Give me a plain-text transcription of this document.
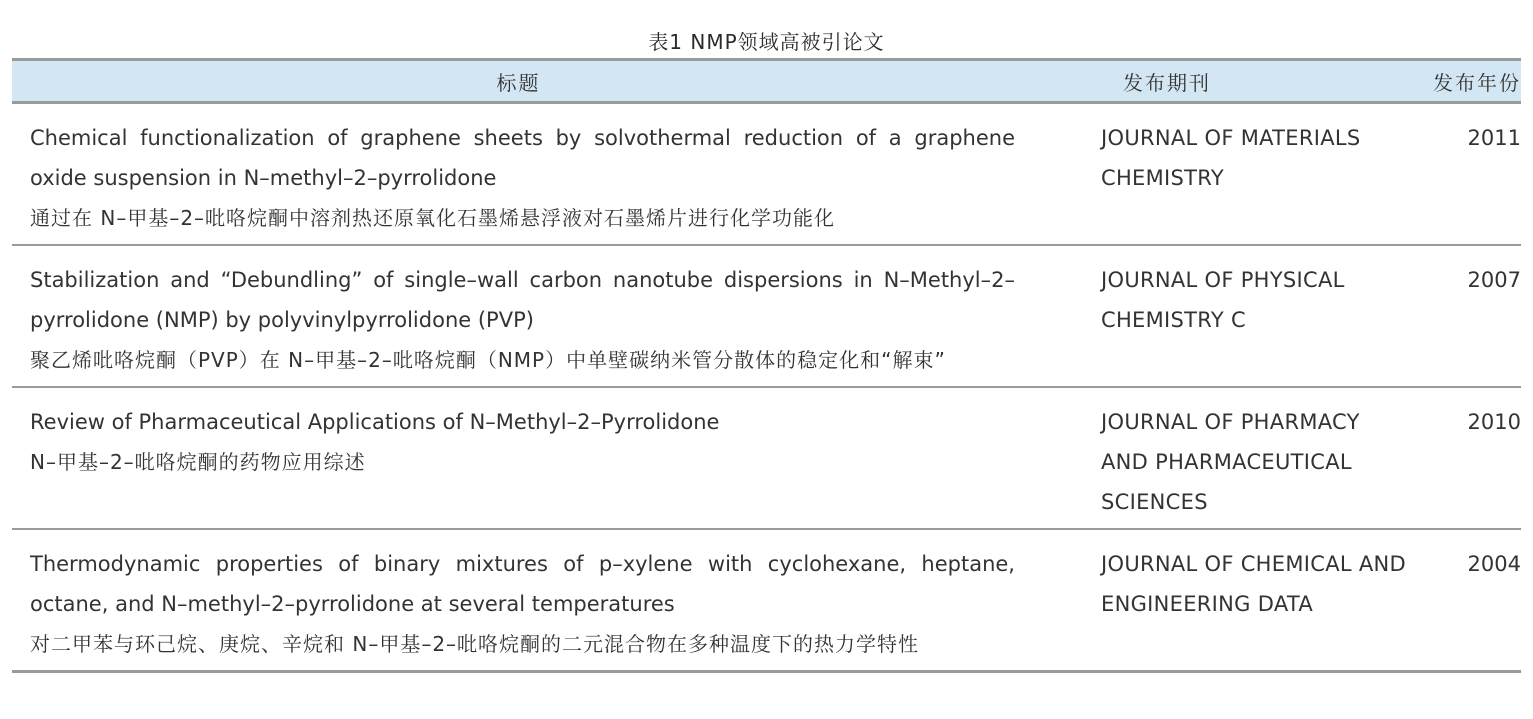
表1 NMP领域高被引论文
标题	发布期刊	发布年份

Chemical functionalization of graphene sheets by solvothermal reduction of a graphene oxide suspension in N–methyl–2–pyrrolidone
通过在 N–甲基–2–吡咯烷酮中溶剂热还原氧化石墨烯悬浮液对石墨烯片进行化学功能化	JOURNAL OF MATERIALS CHEMISTRY	2011

Stabilization and “Debundling” of single–wall carbon nanotube dispersions in N–Methyl–2–pyrrolidone (NMP) by polyvinylpyrrolidone (PVP)
聚乙烯吡咯烷酮（PVP）在 N–甲基–2–吡咯烷酮（NMP）中单壁碳纳米管分散体的稳定化和“解束”	JOURNAL OF PHYSICAL CHEMISTRY C	2007

Review of Pharmaceutical Applications of N–Methyl–2–Pyrrolidone
N–甲基–2–吡咯烷酮的药物应用综述	JOURNAL OF PHARMACY AND PHARMACEUTICAL SCIENCES	2010

Thermodynamic properties of binary mixtures of p–xylene with cyclohexane, heptane, octane, and N–methyl–2–pyrrolidone at several temperatures
对二甲苯与环己烷、庚烷、辛烷和 N–甲基–2–吡咯烷酮的二元混合物在多种温度下的热力学特性	JOURNAL OF CHEMICAL AND ENGINEERING DATA	2004
